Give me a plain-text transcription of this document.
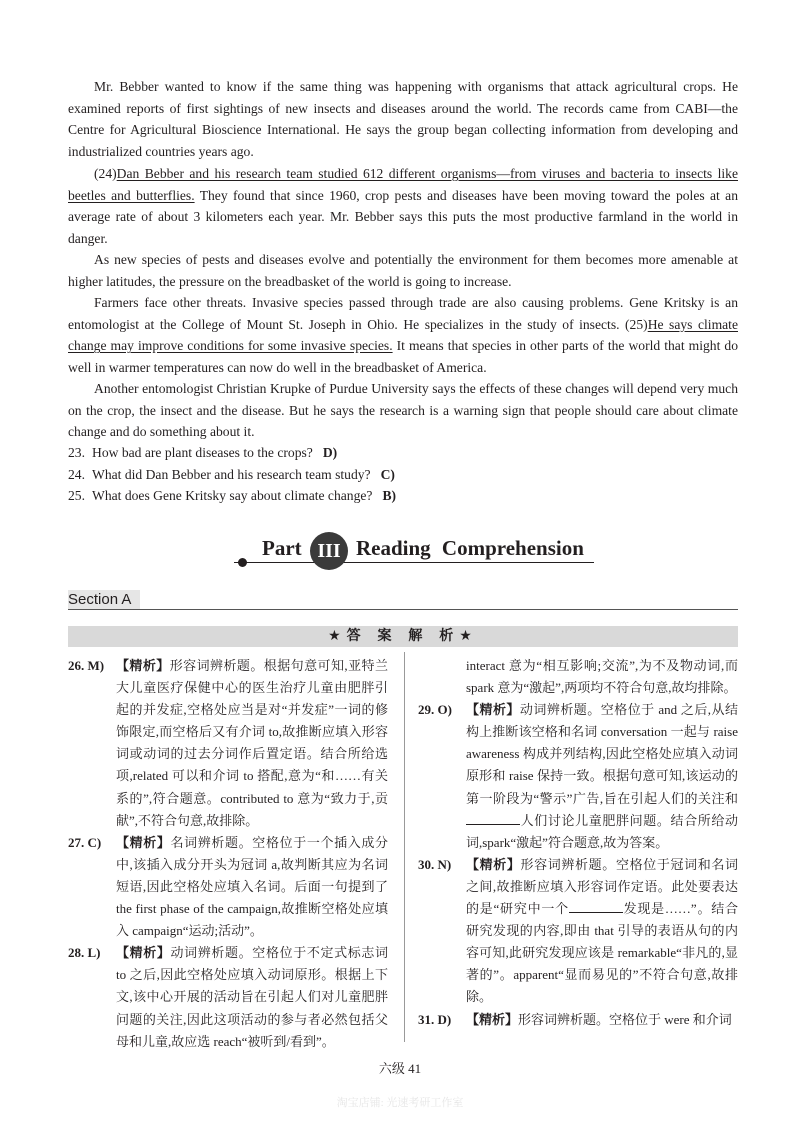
Mr. Bebber wanted to know if the same thing was happening with organisms that attack agricultural crops. He examined reports of first sightings of new insects and diseases around the world. The records came from CABI—the Centre for Agricultural Bioscience International. He says the group began collecting information from developing and industrialized countries years ago.

(24)Dan Bebber and his research team studied 612 different organisms—from viruses and bacteria to insects like beetles and butterflies. They found that since 1960, crop pests and diseases have been moving toward the poles at an average rate of about 3 kilometers each year. Mr. Bebber says this puts the most productive farmland in the world in danger.

As new species of pests and diseases evolve and potentially the environment for them becomes more amenable at higher latitudes, the pressure on the breadbasket of the world is going to increase.

Farmers face other threats. Invasive species passed through trade are also causing problems. Gene Kritsky is an entomologist at the College of Mount St. Joseph in Ohio. He specializes in the study of insects. (25)He says climate change may improve conditions for some invasive species. It means that species in other parts of the world that might do well in warmer temperatures can now do well in the breadbasket of America.

Another entomologist Christian Krupke of Purdue University says the effects of these changes will depend very much on the crop, the insect and the disease. But he says the research is a warning sign that people should care about climate change and do something about it.

23. How bad are plant diseases to the crops? D)
24. What did Dan Bebber and his research team study? C)
25. What does Gene Kritsky say about climate change? B)
Part III Reading Comprehension
Section A
★答 案 解 析★

26. M) 【精析】形容词辨析题。根据句意可知,亚特兰大儿童医疗保健中心的医生治疗儿童由肥胖引起的并发症,空格处应当是对“并发症”一词的修饰限定,而空格后又有介词 to,故推断应填入形容词或动词的过去分词作后置定语。结合所给选项,related 可以和介词 to 搭配,意为“和……有关系的”,符合题意。contributed to 意为“致力于,贡献”,不符合句意,故排除。

27. C) 【精析】名词辨析题。空格位于一个插入成分中,该插入成分开头为冠词 a,故判断其应为名词短语,因此空格处应填入名词。后面一句提到了 the first phase of the campaign,故推断空格处应填入 campaign“运动;活动”。

28. L) 【精析】动词辨析题。空格位于不定式标志词 to 之后,因此空格处应填入动词原形。根据上下文,该中心开展的活动旨在引起人们对儿童肥胖问题的关注,因此这项活动的参与者必然包括父母和儿童,故应选 reach“被听到/看到”。

interact 意为“相互影响;交流”,为不及物动词,而 spark 意为“激起”,两项均不符合句意,故均排除。

29. O) 【精析】动词辨析题。空格位于 and 之后,从结构上推断该空格和名词 conversation 一起与 raise awareness 构成并列结构,因此空格处应填入动词原形和 raise 保持一致。根据句意可知,该运动的第一阶段为“警示”广告,旨在引起人们的关注和人们讨论儿童肥胖问题。结合所给动词,spark“激起”符合题意,故为答案。

30. N) 【精析】形容词辨析题。空格位于冠词和名词之间,故推断应填入形容词作定语。此处要表达的是“研究中一个	发现是……”。结合研究发现的内容,即由 that 引导的表语从句的内容可知,此研究发现应该是 remarkable“非凡的,显著的”。apparent“显而易见的”不符合句意,故排除。

31. D) 【精析】形容词辨析题。空格位于 were 和介词

六级 41
淘宝店铺: 光速考研工作室
